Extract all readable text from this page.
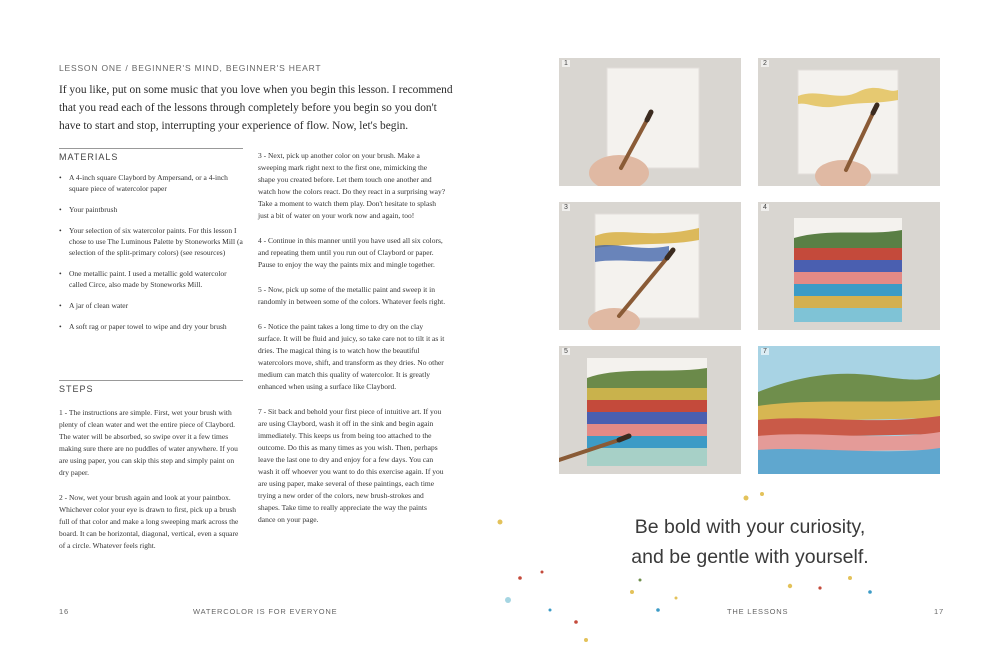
LESSON ONE / BEGINNER'S MIND, BEGINNER'S HEART

If you like, put on some music that you love when you begin this lesson. I recommend that you read each of the lessons through completely before you begin so you don't have to start and stop, interrupting your experience of flow. Now, let's begin.

MATERIALS
• A 4-inch square Claybord by Ampersand, or a 4-inch square piece of watercolor paper
• Your paintbrush
• Your selection of six watercolor paints. For this lesson I chose to use The Luminous Palette by Stoneworks Mill (a selection of the split-primary colors) (see resources)
• One metallic paint. I used a metallic gold watercolor called Circe, also made by Stoneworks Mill.
• A jar of clean water
• A soft rag or paper towel to wipe and dry your brush
STEPS

1 - The instructions are simple. First, wet your brush with plenty of clean water and wet the entire piece of Claybord. The water will be absorbed, so swipe over it a few times making sure there are no puddles of water anywhere. If you are using paper, you can skip this step and simply paint on dry paper.

2 - Now, wet your brush again and look at your paintbox. Whichever color your eye is drawn to first, pick up a brush full of that color and make a long sweeping mark across the board. It can be horizontal, diagonal, vertical, even a square of a circle. Whatever feels right.

3 - Next, pick up another color on your brush. Make a sweeping mark right next to the first one, mimicking the shape you created before. Let them touch one another and watch how the colors react. Do they react in a surprising way? Take a moment to watch them play. Don't hesitate to splash just a bit of water on your work now and again, too!

4 - Continue in this manner until you have used all six colors, and repeating them until you run out of Claybord or paper. Pause to enjoy the way the paints mix and mingle together.

5 - Now, pick up some of the metallic paint and sweep it in randomly in between some of the colors. Whatever feels right.

6 - Notice the paint takes a long time to dry on the clay surface. It will be fluid and juicy, so take care not to tilt it as it dries. The magical thing is to watch how the beautiful watercolors move, shift, and transform as they dries. No other medium can match this quality of watercolor. It is greatly enhanced when using a surface like Claybord.

7 - Sit back and behold your first piece of intuitive art. If you are using Claybord, wash it off in the sink and begin again immediately. This keeps us from being too attached to the outcome. Do this as many times as you wish. Then, perhaps leave the last one to dry and enjoy for a few days. You can wash it off whoever you want to do this exercise again. If you are using paper, make several of these paintings, each time trying a new order of the colors, new brush-strokes and shapes. Take time to really appreciate the way the paints dance on your page.

16	WATERCOLOR IS FOR EVERYONE
1	2
3	4
5	7
Be bold with your curiosity,
and be gentle with yourself.
THE LESSONS	17
